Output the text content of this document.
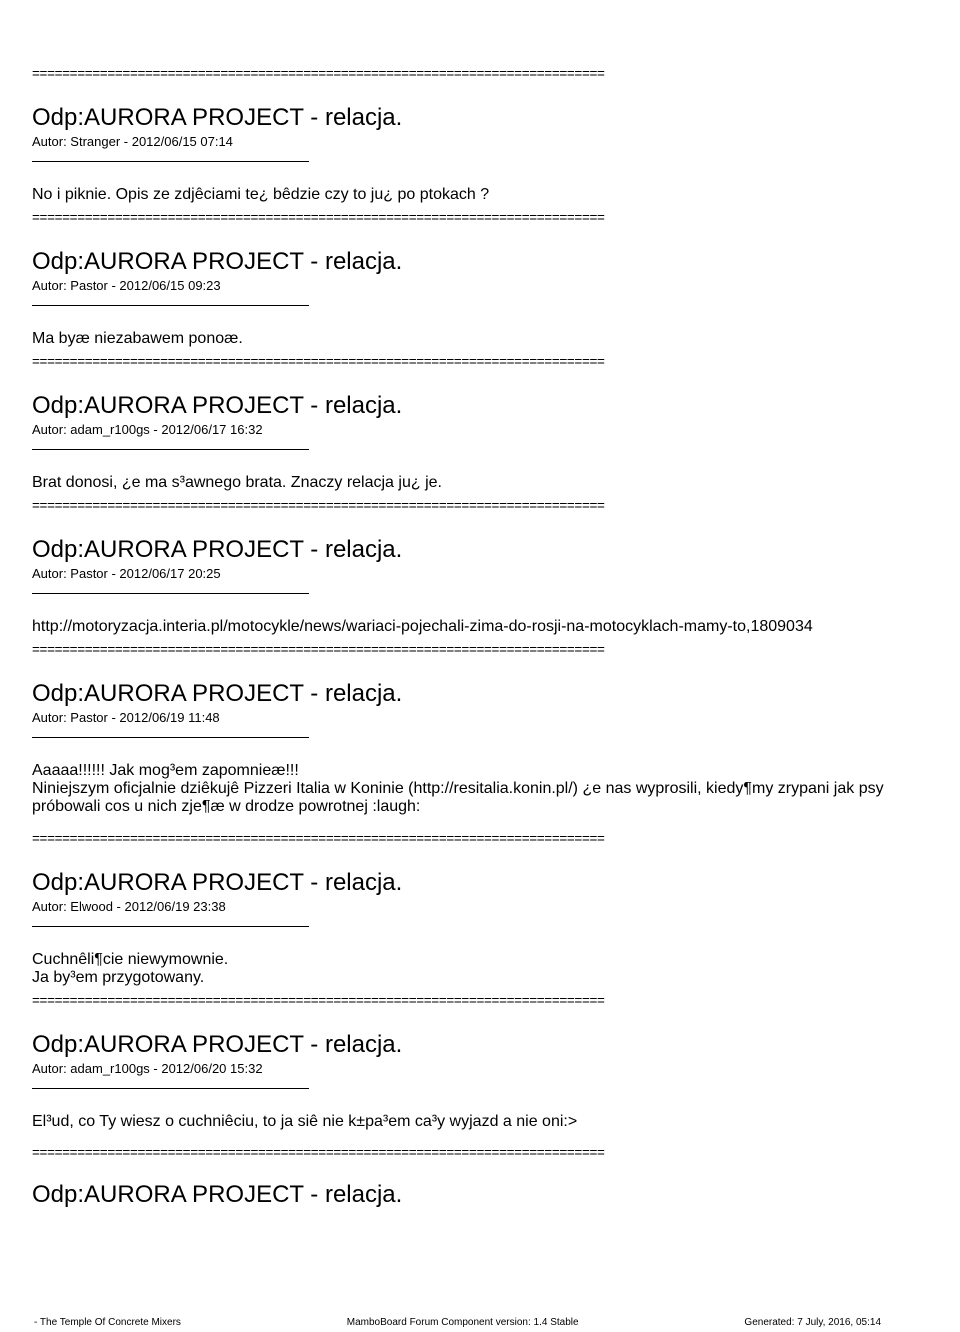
============================================================================
Odp:AURORA PROJECT - relacja.
Autor: Stranger - 2012/06/15 07:14
No i piknie. Opis ze zdjêciami te¿ bêdzie czy to ju¿ po ptokach ?
============================================================================
Odp:AURORA PROJECT - relacja.
Autor: Pastor - 2012/06/15 09:23
Ma byæ niezabawem ponoæ.
============================================================================
Odp:AURORA PROJECT - relacja.
Autor: adam_r100gs - 2012/06/17 16:32
Brat donosi, ¿e ma s³awnego brata. Znaczy relacja ju¿ je.
============================================================================
Odp:AURORA PROJECT - relacja.
Autor: Pastor - 2012/06/17 20:25
http://motoryzacja.interia.pl/motocykle/news/wariaci-pojechali-zima-do-rosji-na-motocyklach-mamy-to,1809034
============================================================================
Odp:AURORA PROJECT - relacja.
Autor: Pastor - 2012/06/19 11:48
Aaaaa!!!!!! Jak mog³em zapomnieæ!!!
Niniejszym oficjalnie dziêkujê Pizzeri Italia w Koninie (http://resitalia.konin.pl/) ¿e nas wyprosili, kiedy¶my zrypani jak psy próbowali cos u nich zje¶æ w drodze powrotnej :laugh:
============================================================================
Odp:AURORA PROJECT - relacja.
Autor: Elwood - 2012/06/19 23:38
Cuchnêli¶cie niewymownie.
Ja by³em przygotowany.
============================================================================
Odp:AURORA PROJECT - relacja.
Autor: adam_r100gs - 2012/06/20 15:32
El³ud, co Ty wiesz o cuchniêciu, to ja siê nie k±pa³em ca³y wyjazd a nie oni:>
============================================================================
Odp:AURORA PROJECT - relacja.
- The Temple Of Concrete Mixers	MamboBoard Forum Component version: 1.4 Stable	Generated: 7 July, 2016, 05:14
